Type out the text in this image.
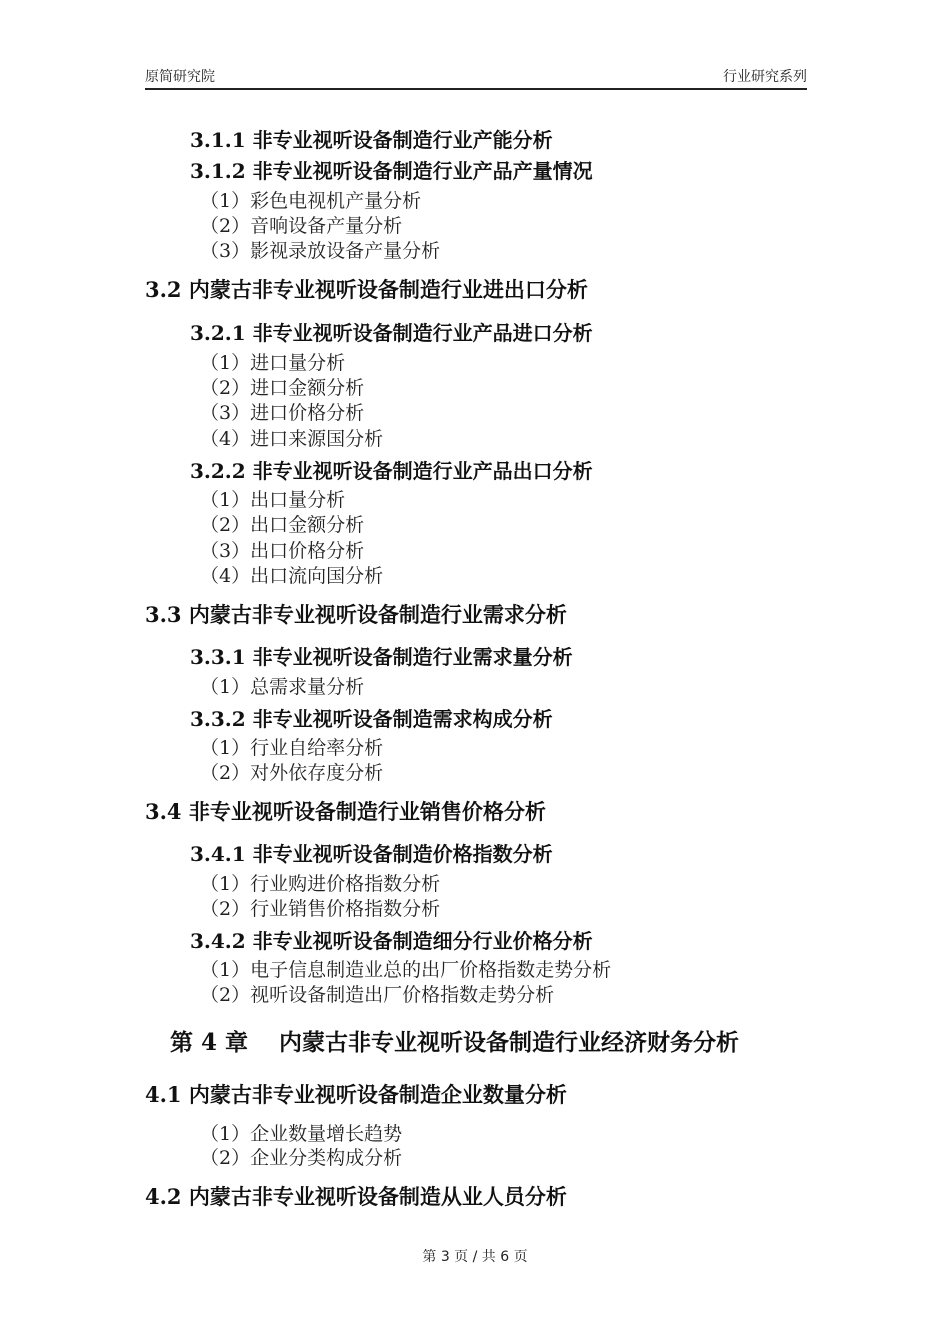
原简研究院	行业研究系列
3.1.1 非专业视听设备制造行业产能分析
3.1.2 非专业视听设备制造行业产品产量情况
（1）彩色电视机产量分析
（2）音响设备产量分析
（3）影视录放设备产量分析
3.2 内蒙古非专业视听设备制造行业进出口分析
3.2.1 非专业视听设备制造行业产品进口分析
（1）进口量分析
（2）进口金额分析
（3）进口价格分析
（4）进口来源国分析
3.2.2 非专业视听设备制造行业产品出口分析
（1）出口量分析
（2）出口金额分析
（3）出口价格分析
（4）出口流向国分析
3.3 内蒙古非专业视听设备制造行业需求分析
3.3.1 非专业视听设备制造行业需求量分析
（1）总需求量分析
3.3.2 非专业视听设备制造需求构成分析
（1）行业自给率分析
（2）对外依存度分析
3.4 非专业视听设备制造行业销售价格分析
3.4.1 非专业视听设备制造价格指数分析
（1）行业购进价格指数分析
（2）行业销售价格指数分析
3.4.2 非专业视听设备制造细分行业价格分析
（1）电子信息制造业总的出厂价格指数走势分析
（2）视听设备制造出厂价格指数走势分析
第 4 章　 内蒙古非专业视听设备制造行业经济财务分析
4.1 内蒙古非专业视听设备制造企业数量分析
（1）企业数量增长趋势
（2）企业分类构成分析
4.2 内蒙古非专业视听设备制造从业人员分析
第 3 页 / 共 6 页
